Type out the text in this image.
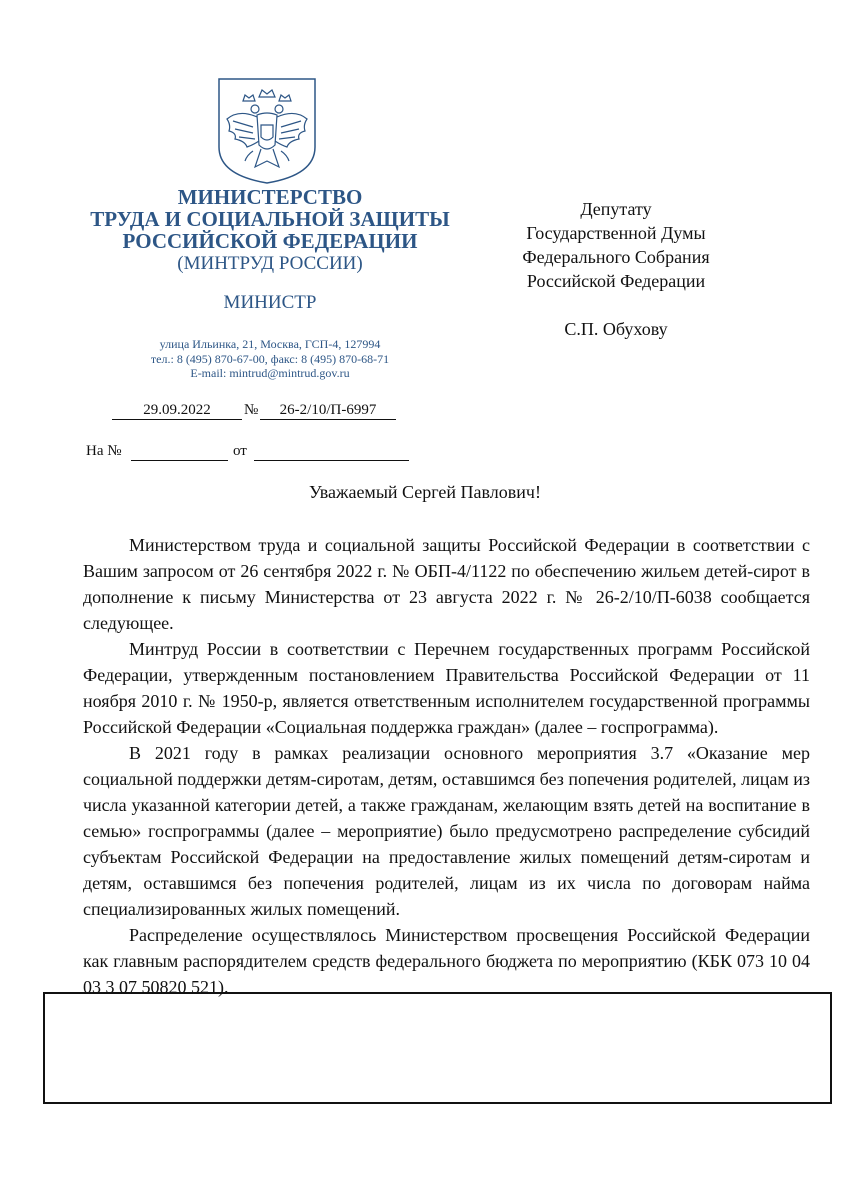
МИНИСТЕРСТВО
ТРУДА И СОЦИАЛЬНОЙ ЗАЩИТЫ
РОССИЙСКОЙ ФЕДЕРАЦИИ
(МИНТРУД РОССИИ)
МИНИСТР
улица Ильинка, 21, Москва, ГСП-4, 127994
тел.: 8 (495) 870-67-00, факс: 8 (495) 870-68-71
E-mail: mintrud@mintrud.gov.ru
29.09.2022	№	26-2/10/П-6997
На №	от
Депутату
Государственной Думы
Федерального Собрания
Российской Федерации
С.П. Обухову
Уважаемый Сергей Павлович!

Министерством труда и социальной защиты Российской Федерации в соответствии с Вашим запросом от 26 сентября 2022 г. № ОБП-4/1122 по обеспечению жильем детей-сирот в дополнение к письму Министерства от 23 августа 2022 г. № 26-2/10/П-6038 сообщается следующее.

Минтруд России в соответствии с Перечнем государственных программ Российской Федерации, утвержденным постановлением Правительства Российской Федерации от 11 ноября 2010 г. № 1950-р, является ответственным исполнителем государственной программы Российской Федерации «Социальная поддержка граждан» (далее – госпрограмма).

В 2021 году в рамках реализации основного мероприятия 3.7 «Оказание мер социальной поддержки детям-сиротам, детям, оставшимся без попечения родителей, лицам из числа указанной категории детей, а также гражданам, желающим взять детей на воспитание в семью» госпрограммы (далее – мероприятие) было предусмотрено распределение субсидий субъектам Российской Федерации на предоставление жилых помещений детям-сиротам и детям, оставшимся без попечения родителей, лицам из их числа по договорам найма специализированных жилых помещений.

Распределение осуществлялось Министерством просвещения Российской Федерации как главным распорядителем средств федерального бюджета по мероприятию (КБК 073 10 04 03 3 07 50820 521).
